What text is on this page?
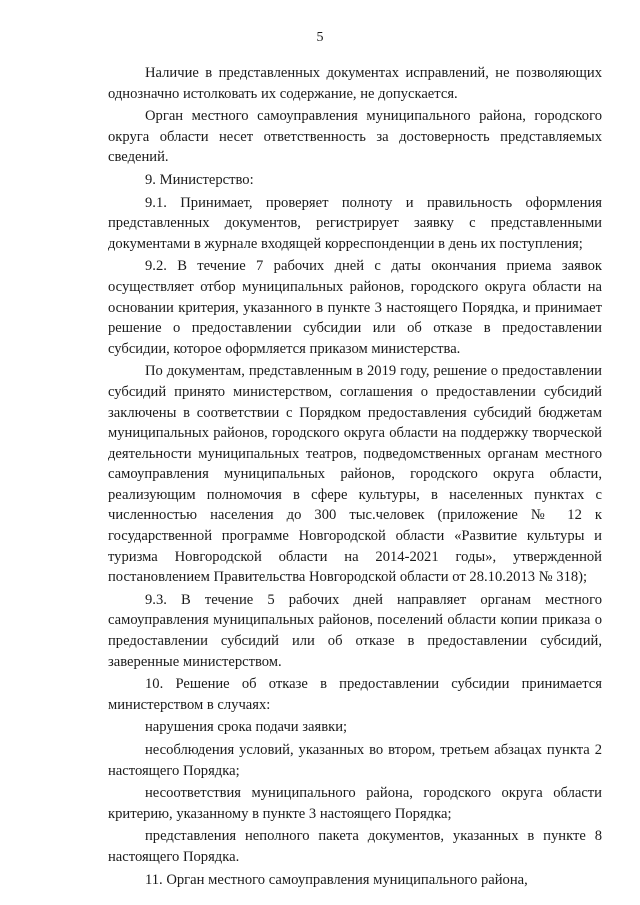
5

Наличие в представленных документах исправлений, не позволяющих однозначно истолковать их содержание, не допускается.

Орган местного самоуправления муниципального района, городского округа области несет ответственность за достоверность представляемых сведений.

9. Министерство:

9.1. Принимает, проверяет полноту и правильность оформления представленных документов, регистрирует заявку с представленными документами в журнале входящей корреспонденции в день их поступления;

9.2. В течение 7 рабочих дней с даты окончания приема заявок осуществляет отбор муниципальных районов, городского округа области на основании критерия, указанного в пункте 3 настоящего Порядка, и принимает решение о предоставлении субсидии или об отказе в предоставлении субсидии, которое оформляется приказом министерства.

По документам, представленным в 2019 году, решение о предоставлении субсидий принято министерством, соглашения о предоставлении субсидий заключены в соответствии с Порядком предоставления субсидий бюджетам муниципальных районов, городского округа области на поддержку творческой деятельности муниципальных театров, подведомственных органам местного самоуправления муниципальных районов, городского округа области, реализующим полномочия в сфере культуры, в населенных пунктах с численностью населения до 300 тыс.человек (приложение № 12 к государственной программе Новгородской области «Развитие культуры и туризма Новгородской области на 2014-2021 годы», утвержденной постановлением Правительства Новгородской области от 28.10.2013 № 318);

9.3. В течение 5 рабочих дней направляет органам местного самоуправления муниципальных районов, поселений области копии приказа о предоставлении субсидий или об отказе в предоставлении субсидий, заверенные министерством.

10. Решение об отказе в предоставлении субсидии принимается министерством в случаях:

нарушения срока подачи заявки;

несоблюдения условий, указанных во втором, третьем абзацах пункта 2 настоящего Порядка;

несоответствия муниципального района, городского округа области критерию, указанному в пункте 3 настоящего Порядка;

представления неполного пакета документов, указанных в пункте 8 настоящего Порядка.

11. Орган местного самоуправления муниципального района,
